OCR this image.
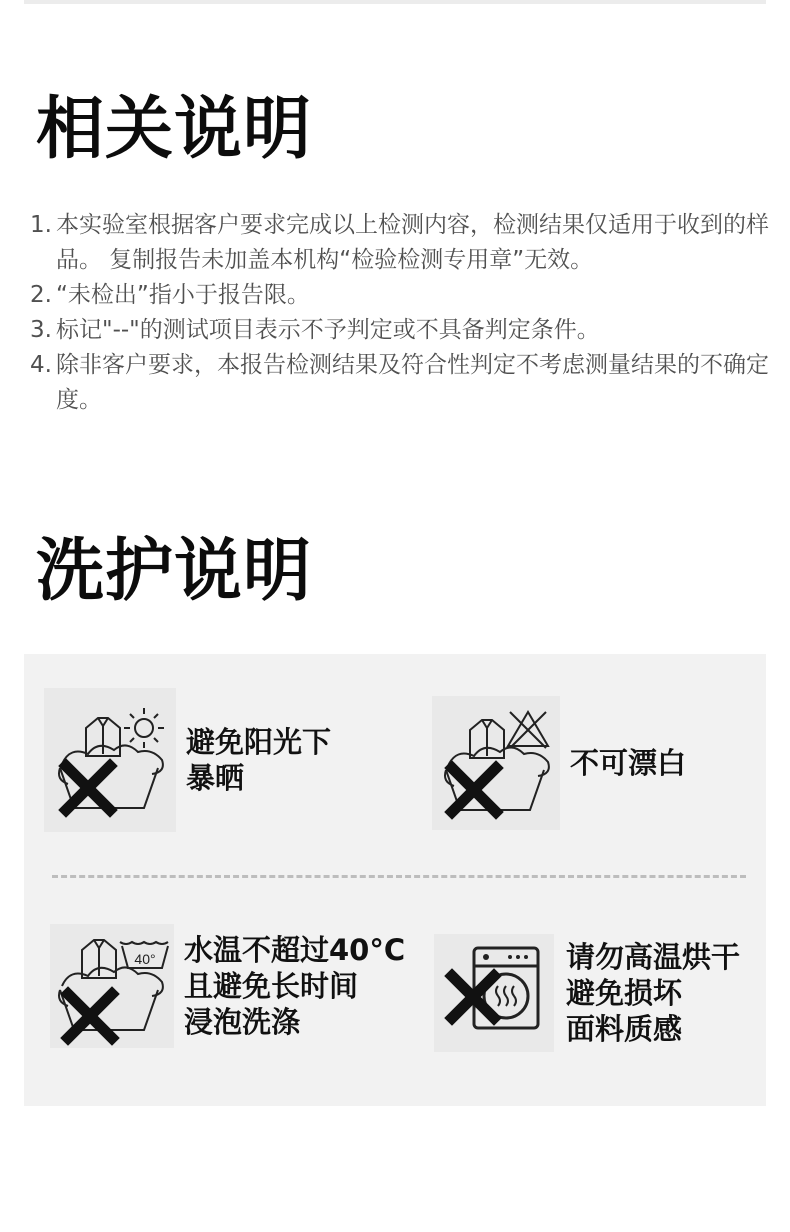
相关说明
1. 本实验室根据客户要求完成以上检测内容，检测结果仅适用于收到的样品。 复制报告未加盖本机构“检验检测专用章”无效。
2. “未检出”指小于报告限。
3. 标记"--"的测试项目表示不予判定或不具备判定条件。
4. 除非客户要求，本报告检测结果及符合性判定不考虑测量结果的不确定度。
洗护说明
避免阳光下
暴晒	不可漂白
40° 水温不超过40°C
且避免长时间
浸泡洗涤
请勿高温烘干
避免损坏
面料质感
